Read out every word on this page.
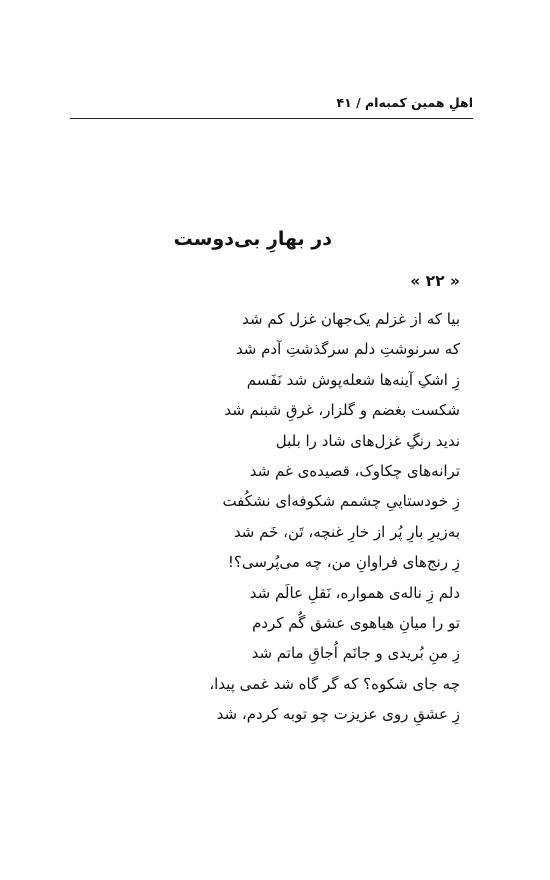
اهلِ همین کمبه‌ام / ۴۱
در بهارِ بی‌دوست
« ۲۲ »
بیا که از غزلم یک‌جهان غزل کم شد
که سرنوشتِ دلم سرگذشتِ آدم شد
زِ اشکِ آینه‌ها شعله‌پوش شد نَفَسم
شکست بغضم و گلزار، غرقِ شبنم شد
ندید رنگِ غزل‌های شاد را بلبل
ترانه‌های چکاوک، قصیده‌ی غم شد
زِ خودستاییِ چشمم شکوفه‌ای نشکُفت
به‌زیرِ بارِ پُر از خارِ غنچه، تَن، خَم شد
زِ رنج‌های فراوانِ من، چه می‌پُرسی؟!
دلم زِ ناله‌ی همواره، نَقلِ عالَم شد
تو را میانِ هیاهوی عشق گُم کردم
زِ منِ بُریدی و جانَم اُجاقِ ماتم شد
چه جای شکوه؟ که گر گاه شد غمی پیدا،
زِ عشقِ روی عزیزت چو توبه کردم، شد
